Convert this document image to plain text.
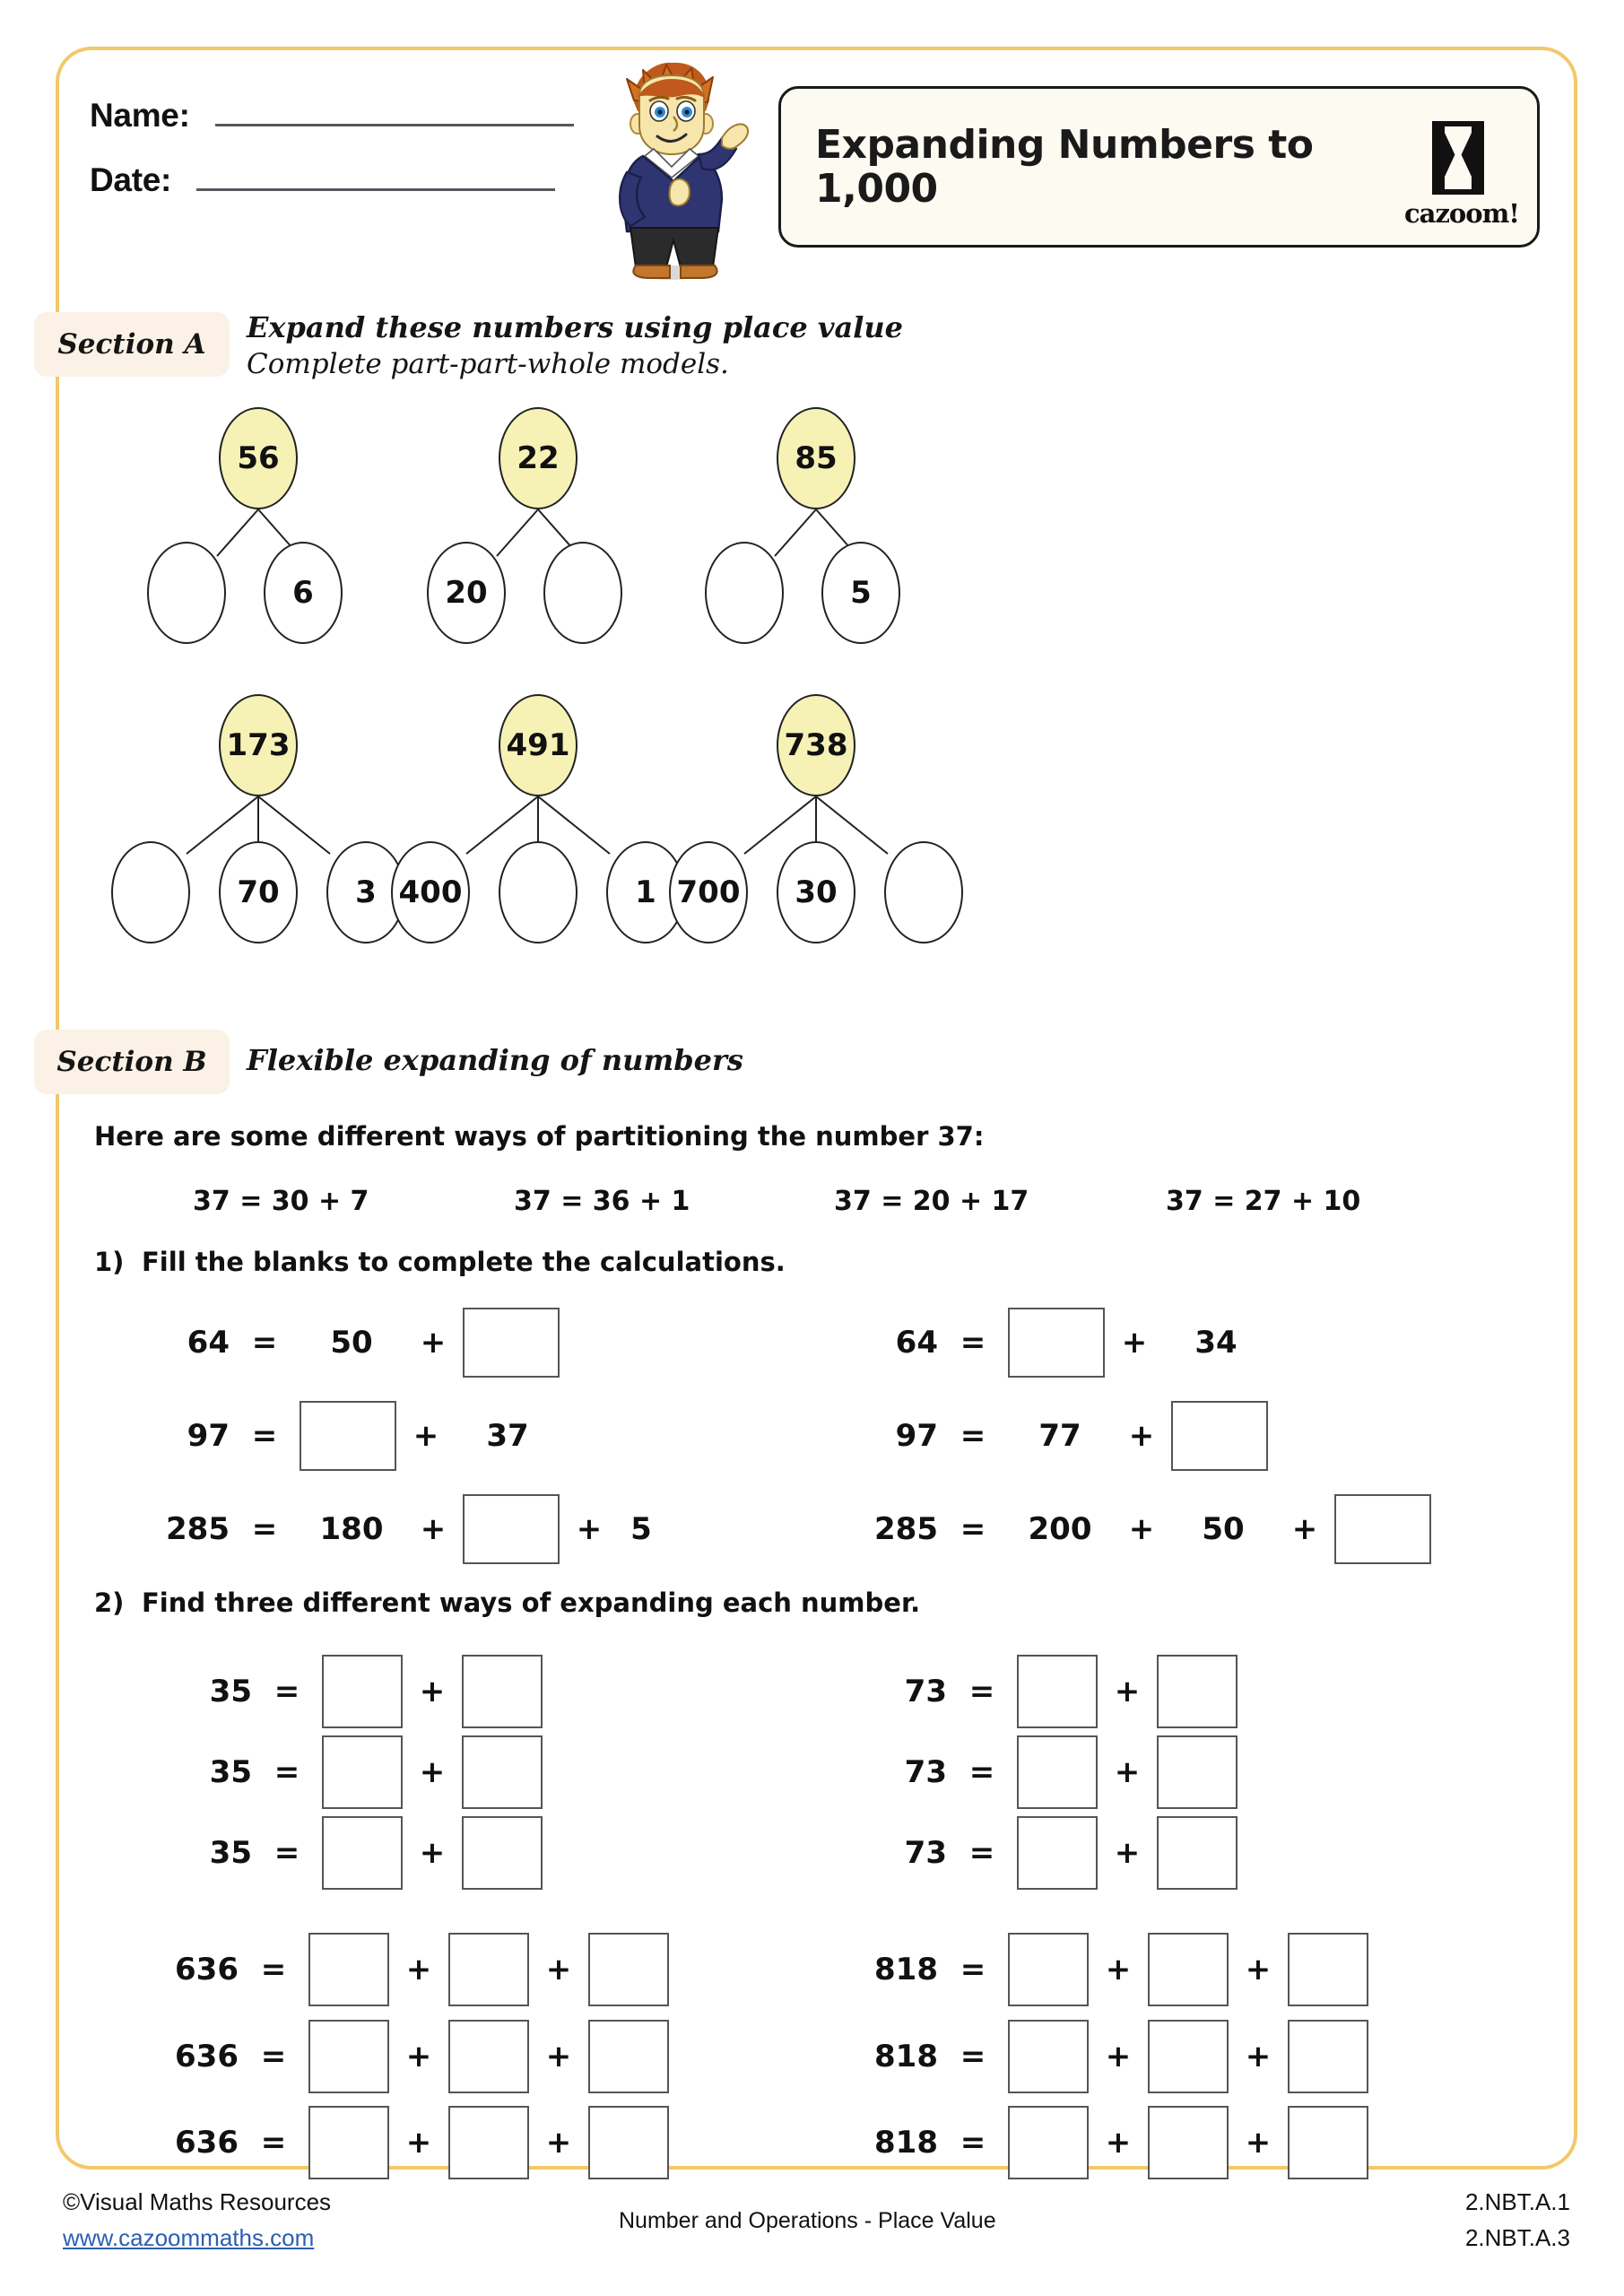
Name:
Date:
Expanding Numbers to 1,000
cazoom!
Section A Expand these numbers using place value
Complete part-part-whole models.
56
6
22
20
85
5
173
70	3
491
400	1
738
700	30
Section B Flexible expanding of numbers
Here are some different ways of partitioning the number 37:
37 = 30 + 7	37 = 36 + 1	37 = 20 + 17	37 = 27 + 10
1) Fill the blanks to complete the calculations.
64 =	50	+
97 =	+	37
285 =	180	+	+ 5
64 =	+	34
97 =	77	+
285 =	200	+	50	+
2) Find three different ways of expanding each number.
35 =	+
35 =	+
35 =	+
73 =	+
73 =	+
73 =	+
636 =	+	+
636 =	+	+
636 =	+	+
818 =	+	+
818 =	+	+
818 =	+	+
©Visual Maths Resources
www.cazoommaths.com
Number and Operations - Place Value
2.NBT.A.1
2.NBT.A.3
